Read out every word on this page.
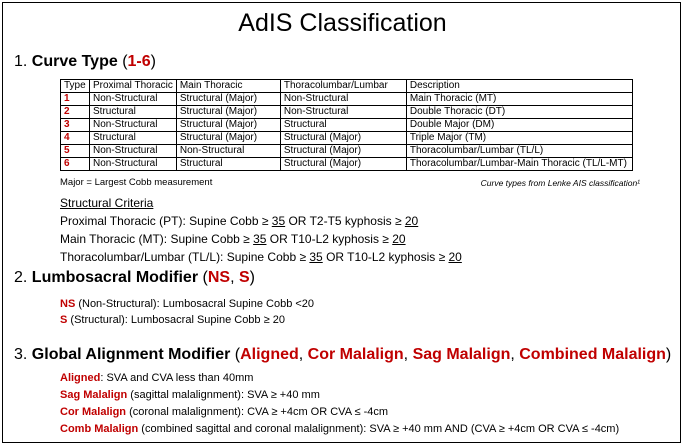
AdIS Classification
1. Curve Type (1-6)
Type	Proximal Thoracic	Main Thoracic	Thoracolumbar/Lumbar	Description
1	Non-Structural	Structural (Major)	Non-Structural	Main Thoracic (MT)
2	Structural	Structural (Major)	Non-Structural	Double Thoracic (DT)
3	Non-Structural	Structural (Major)	Structural	Double Major (DM)
4	Structural	Structural (Major)	Structural (Major)	Triple Major (TM)
5	Non-Structural	Non-Structural	Structural (Major)	Thoracolumbar/Lumbar (TL/L)
6	Non-Structural	Structural	Structural (Major)	Thoracolumbar/Lumbar-Main Thoracic (TL/L-MT)
Major = Largest Cobb measurement	Curve types from Lenke AIS classification¹
Structural Criteria
Proximal Thoracic (PT): Supine Cobb ≥ 35 OR T2-T5 kyphosis ≥ 20
Main Thoracic (MT): Supine Cobb ≥ 35 OR T10-L2 kyphosis ≥ 20
Thoracolumbar/Lumbar (TL/L): Supine Cobb ≥ 35 OR T10-L2 kyphosis ≥ 20
2. Lumbosacral Modifier (NS, S)
NS (Non-Structural): Lumbosacral Supine Cobb <20
S (Structural): Lumbosacral Supine Cobb ≥ 20
3. Global Alignment Modifier (Aligned, Cor Malalign, Sag Malalign, Combined Malalign)
Aligned: SVA and CVA less than 40mm
Sag Malalign (sagittal malalignment): SVA ≥ +40 mm
Cor Malalign (coronal malalignment): CVA ≥ +4cm OR CVA ≤ -4cm
Comb Malalign (combined sagittal and coronal malalignment): SVA ≥ +40 mm AND (CVA ≥ +4cm OR CVA ≤ -4cm)
